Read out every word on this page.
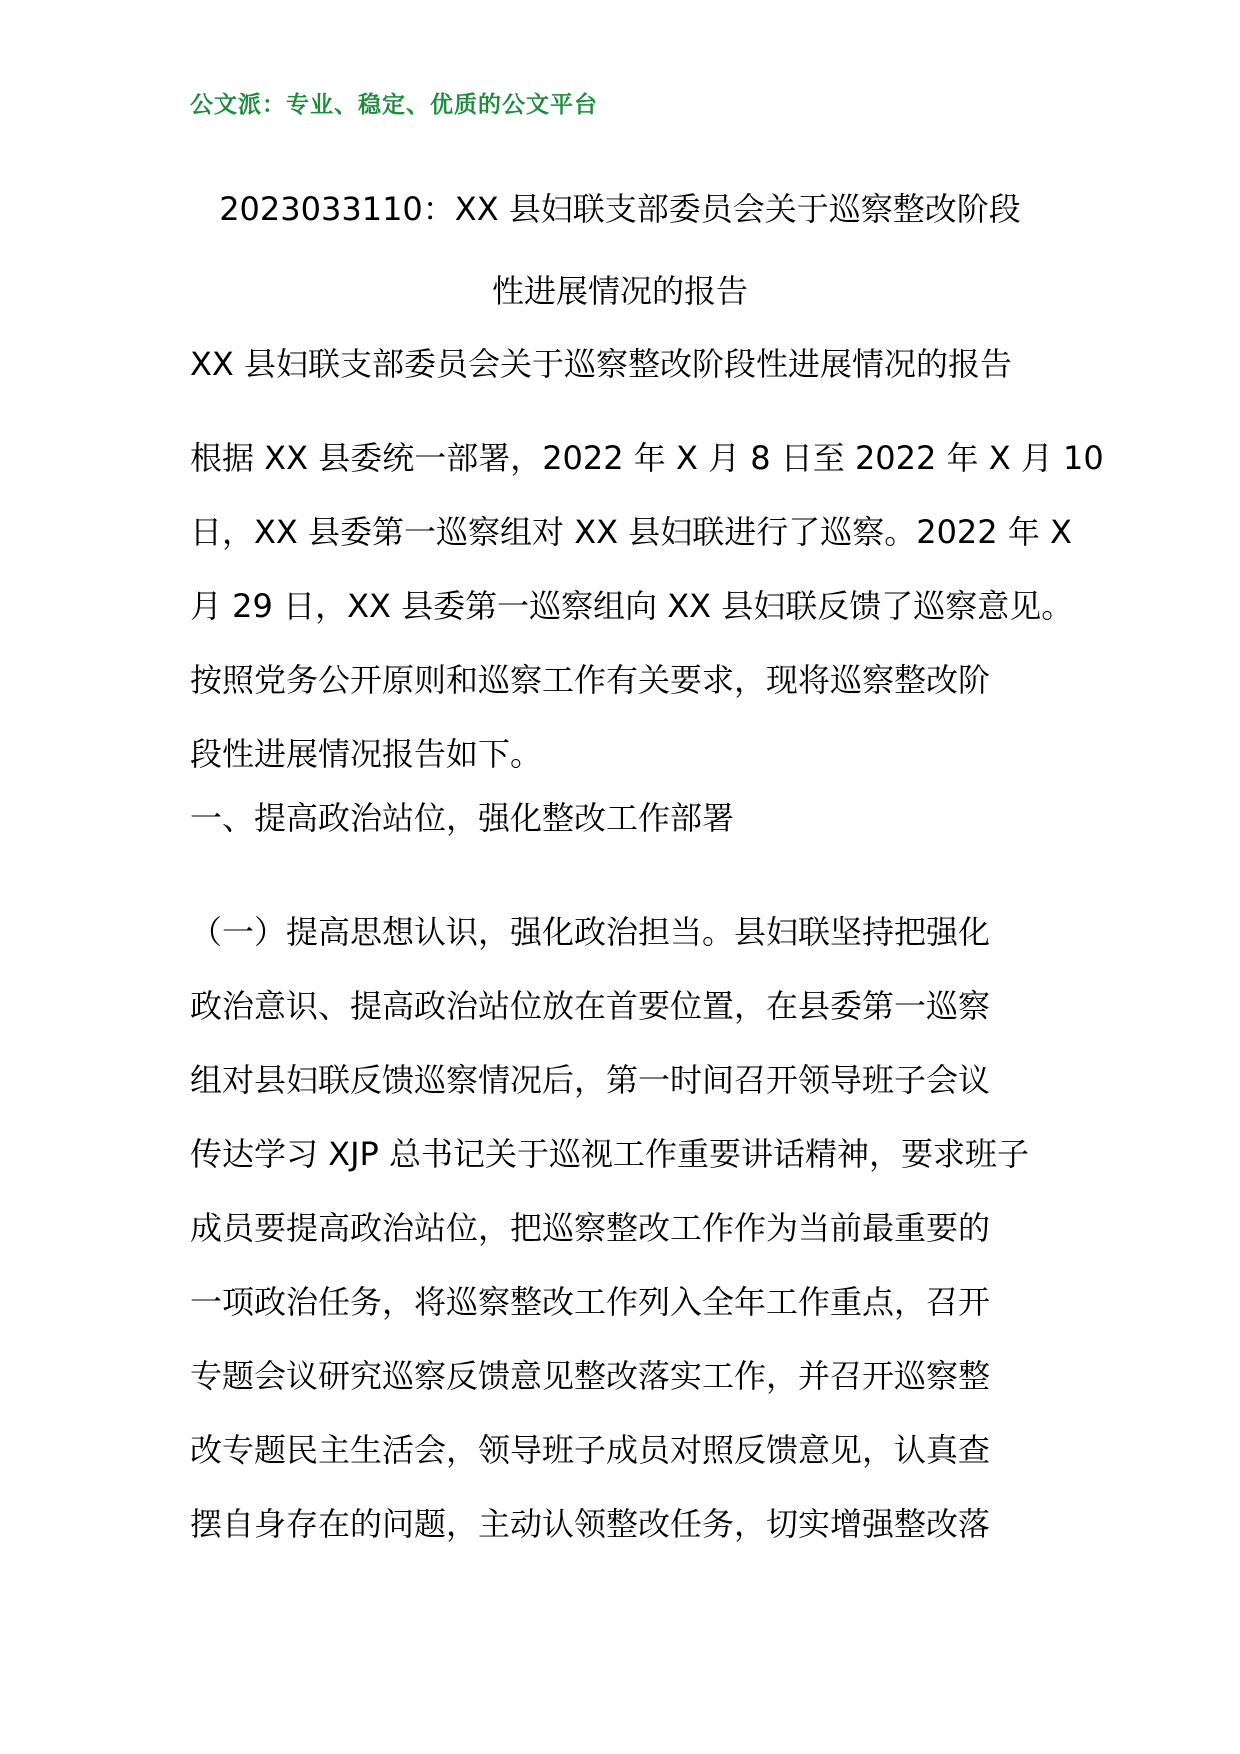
公文派：专业、稳定、优质的公文平台
2023033110：XX 县妇联支部委员会关于巡察整改阶段
性进展情况的报告
XX 县妇联支部委员会关于巡察整改阶段性进展情况的报告
根据 XX 县委统一部署，2022 年 X 月 8 日至 2022 年 X 月 10
日，XX 县委第一巡察组对 XX 县妇联进行了巡察。2022 年 X
月 29 日，XX 县委第一巡察组向 XX 县妇联反馈了巡察意见。
按照党务公开原则和巡察工作有关要求，现将巡察整改阶
段性进展情况报告如下。
一、提高政治站位，强化整改工作部署
（一）提高思想认识，强化政治担当。县妇联坚持把强化
政治意识、提高政治站位放在首要位置，在县委第一巡察
组对县妇联反馈巡察情况后，第一时间召开领导班子会议
传达学习 XJP 总书记关于巡视工作重要讲话精神，要求班子
成员要提高政治站位，把巡察整改工作作为当前最重要的
一项政治任务，将巡察整改工作列入全年工作重点，召开
专题会议研究巡察反馈意见整改落实工作，并召开巡察整
改专题民主生活会，领导班子成员对照反馈意见，认真查
摆自身存在的问题，主动认领整改任务，切实增强整改落
